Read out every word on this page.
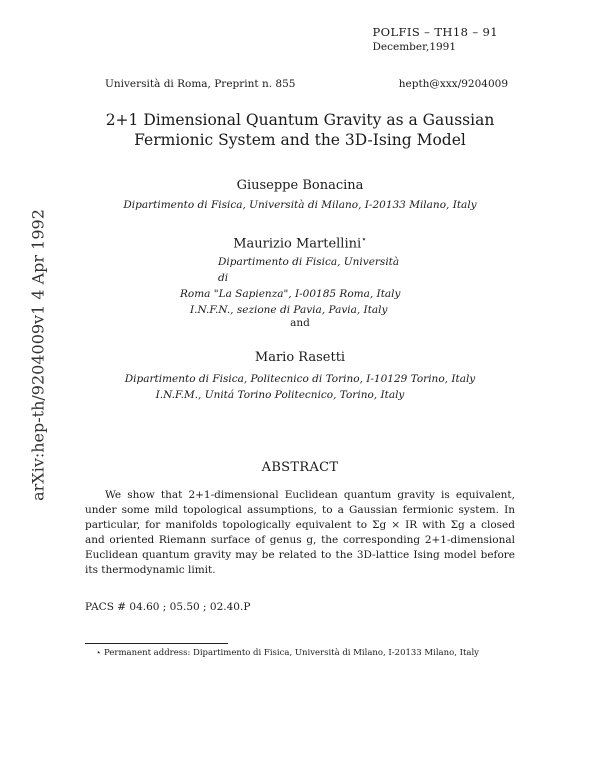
arXiv:hep-th/9204009v1 4 Apr 1992
POLFIS – TH18 – 91
December,1991
Università di Roma, Preprint n. 855	hepth@xxx/9204009
2+1 Dimensional Quantum Gravity as a Gaussian
Fermionic System and the 3D-Ising Model
Giuseppe Bonacina
Dipartimento di Fisica, Università di Milano, I-20133 Milano, Italy
Maurizio Martellini⋆
Dipartimento di Fisica, Università di
Roma "La Sapienza", I-00185 Roma, Italy
I.N.F.N., sezione di Pavia, Pavia, Italy
and
Mario Rasetti
Dipartimento di Fisica, Politecnico di Torino, I-10129 Torino, Italy
I.N.F.M., Unitá Torino Politecnico, Torino, Italy
ABSTRACT
We show that 2+1-dimensional Euclidean quantum gravity is equivalent, under some mild topological assumptions, to a Gaussian fermionic system. In particular, for manifolds topologically equivalent to Σg × IR with Σg a closed and oriented Riemann surface of genus g, the corresponding 2+1-dimensional Euclidean quantum gravity may be related to the 3D-lattice Ising model before its thermodynamic limit.
PACS # 04.60 ; 05.50 ; 02.40.P
⋆ Permanent address: Dipartimento di Fisica, Università di Milano, I-20133 Milano, Italy
